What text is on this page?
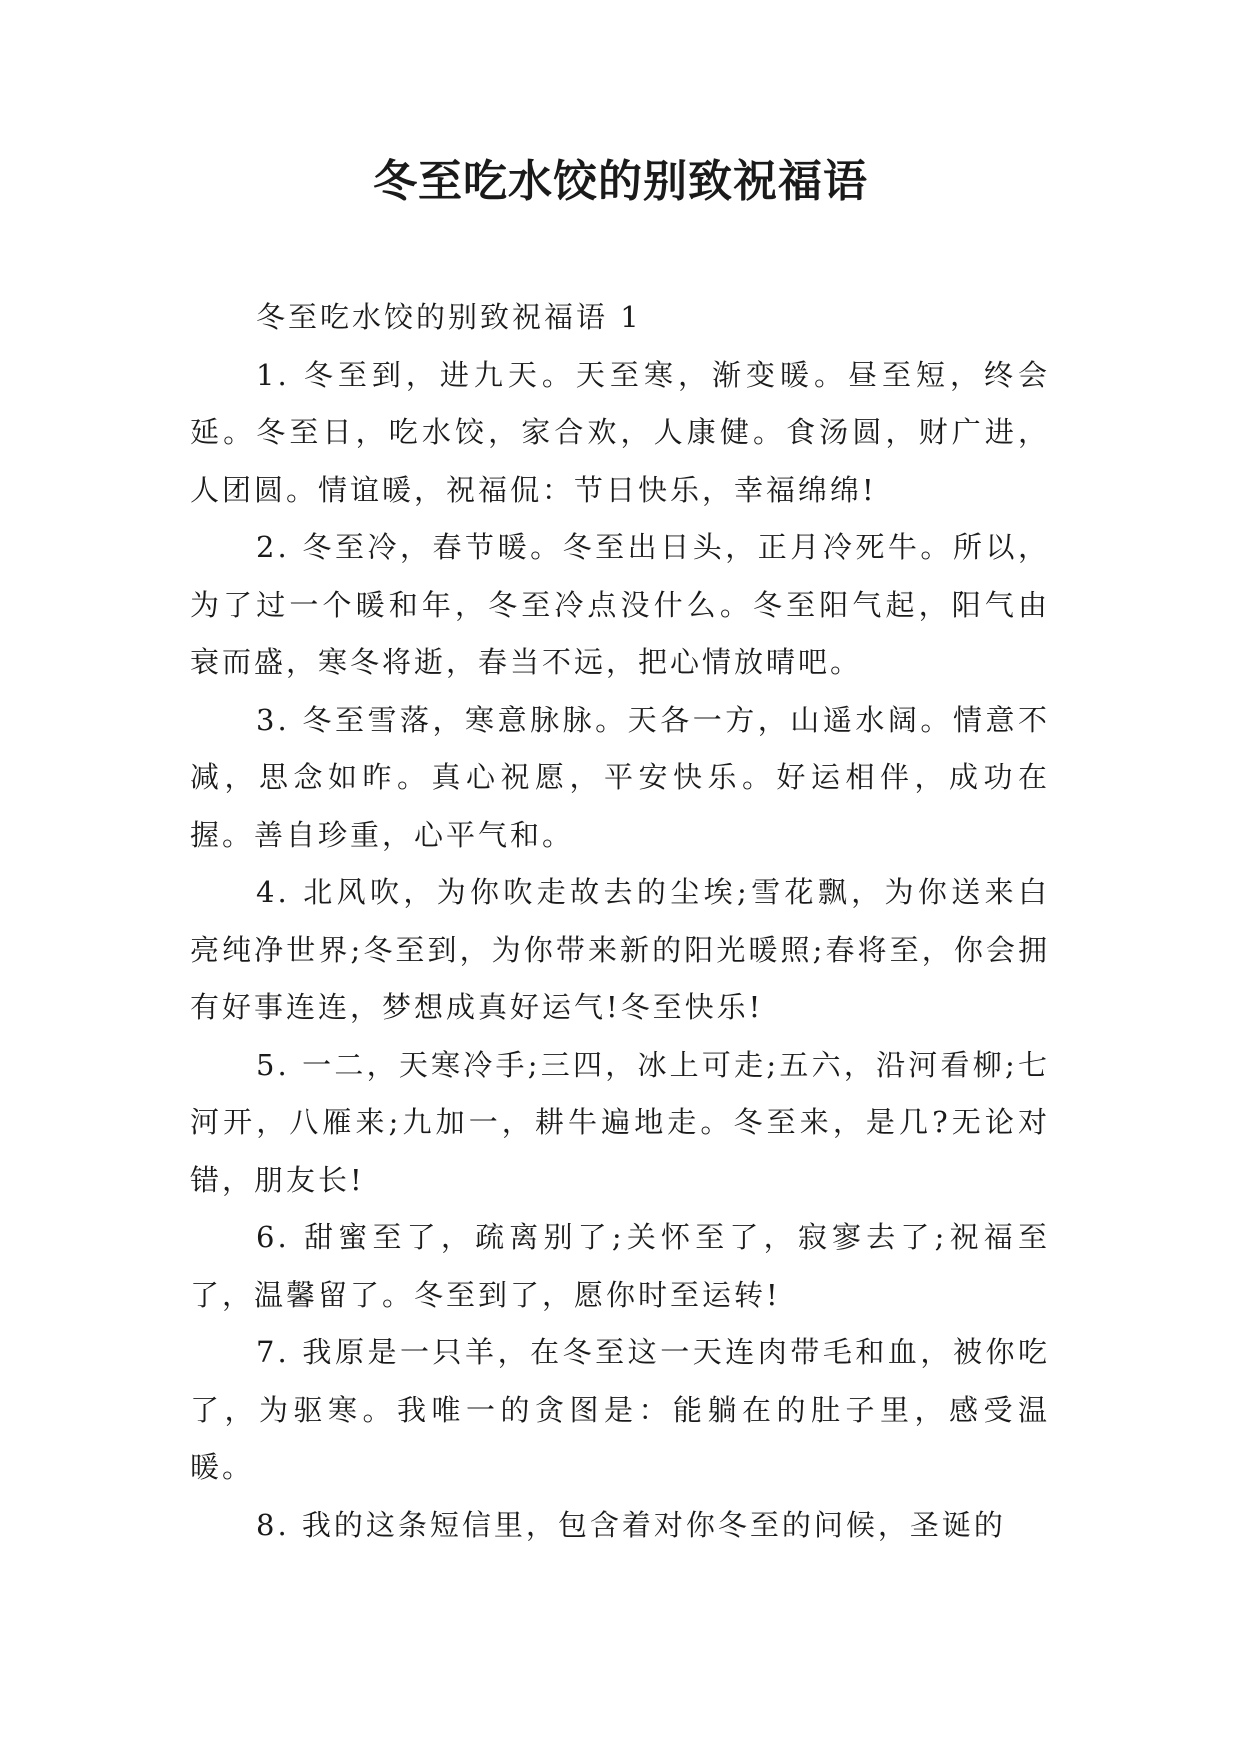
冬至吃水饺的别致祝福语

冬至吃水饺的别致祝福语 1

1. 冬至到，进九天。天至寒，渐变暖。昼至短，终会延。冬至日，吃水饺，家合欢，人康健。食汤圆，财广进，人团圆。情谊暖，祝福侃：节日快乐，幸福绵绵!

2. 冬至冷，春节暖。冬至出日头，正月冷死牛。所以，为了过一个暖和年，冬至冷点没什么。冬至阳气起，阳气由衰而盛，寒冬将逝，春当不远，把心情放晴吧。

3. 冬至雪落，寒意脉脉。天各一方，山遥水阔。情意不减，思念如昨。真心祝愿，平安快乐。好运相伴，成功在握。善自珍重，心平气和。

4. 北风吹，为你吹走故去的尘埃;雪花飘，为你送来白亮纯净世界;冬至到，为你带来新的阳光暖照;春将至，你会拥有好事连连，梦想成真好运气!冬至快乐!

5. 一二，天寒冷手;三四，冰上可走;五六，沿河看柳;七河开，八雁来;九加一，耕牛遍地走。冬至来，是几?无论对错，朋友长!

6. 甜蜜至了，疏离别了;关怀至了，寂寥去了;祝福至了，温馨留了。冬至到了，愿你时至运转!

7. 我原是一只羊，在冬至这一天连肉带毛和血，被你吃了，为驱寒。我唯一的贪图是：能躺在的肚子里，感受温暖。

8. 我的这条短信里，包含着对你冬至的问候，圣诞的
